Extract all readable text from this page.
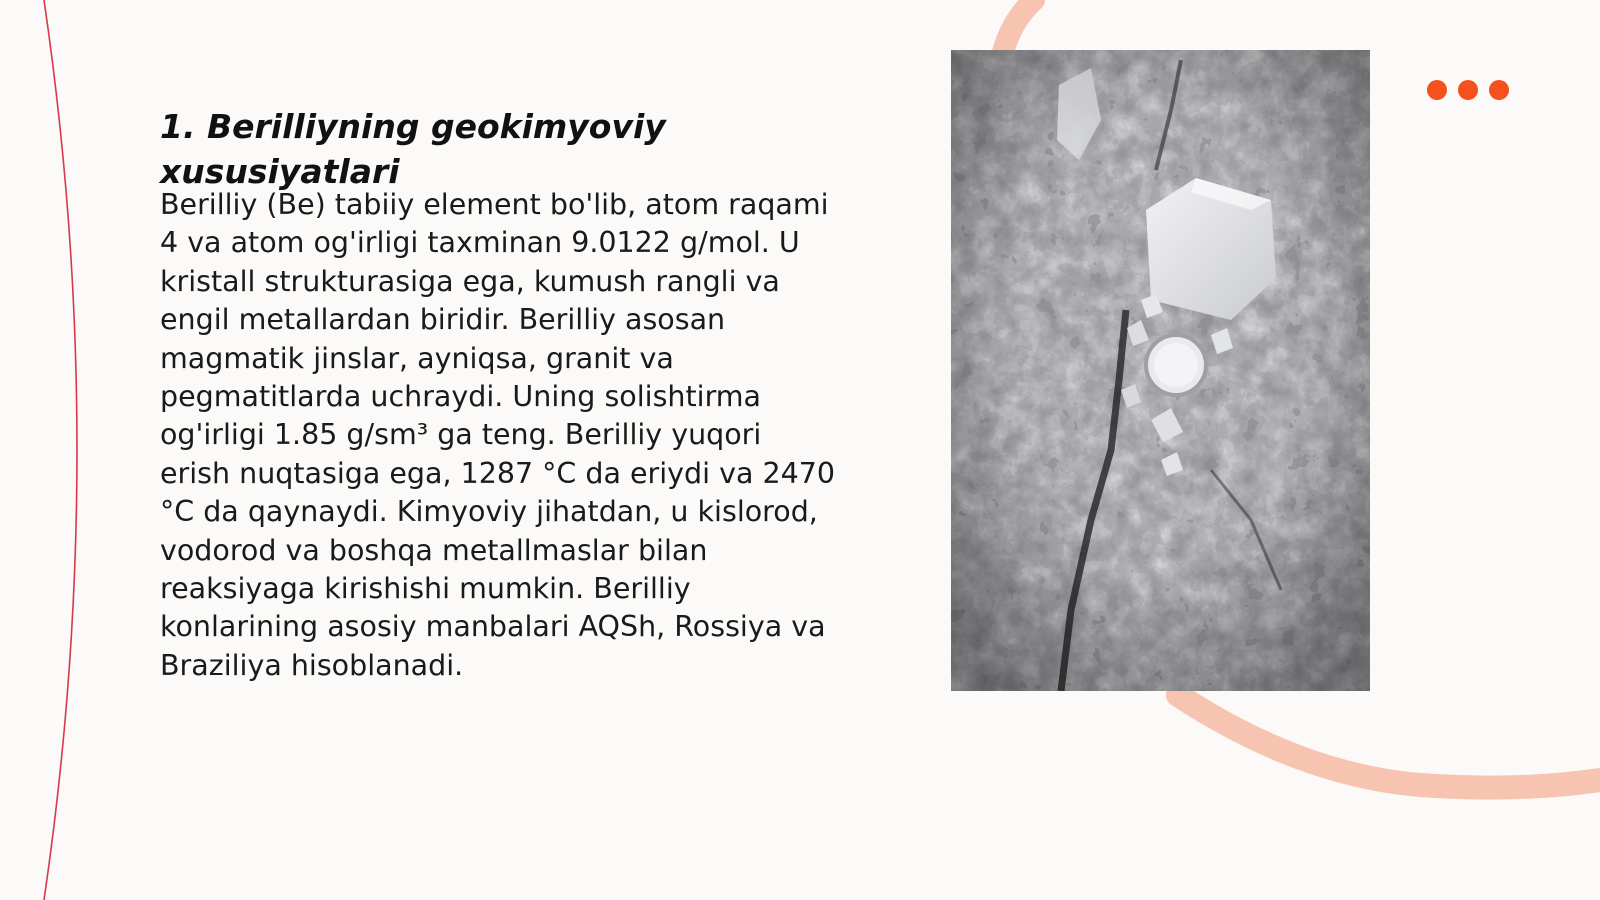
1. Berilliyning geokimyoviy xususiyatlari

Berilliy (Be) tabiiy element bo'lib, atom raqami 4 va atom og'irligi taxminan 9.0122 g/mol. U kristall strukturasiga ega, kumush rangli va engil metallardan biridir. Berilliy asosan magmatik jinslar, ayniqsa, granit va pegmatitlarda uchraydi. Uning solishtirma og'irligi 1.85 g/sm³ ga teng. Berilliy yuqori erish nuqtasiga ega, 1287 °C da eriydi va 2470 °C da qaynaydi. Kimyoviy jihatdan, u kislorod, vodorod va boshqa metallmaslar bilan reaksiyaga kirishishi mumkin. Berilliy konlarining asosiy manbalari AQSh, Rossiya va Braziliya hisoblanadi.
